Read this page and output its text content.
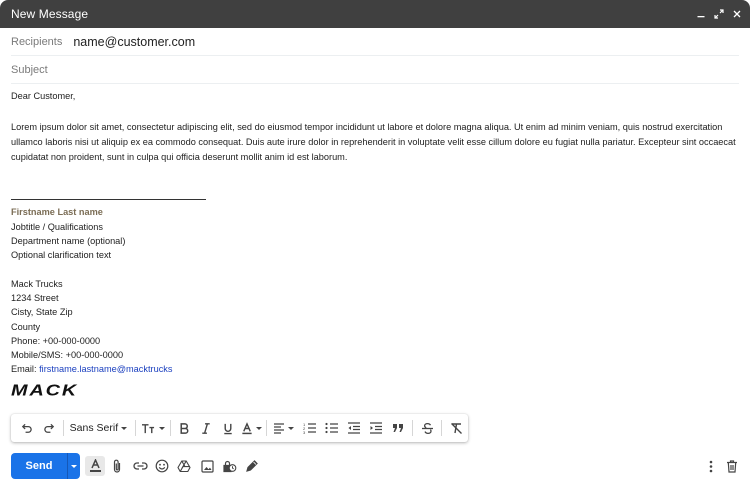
New Message
Recipients name@customer.com
Subject

Dear Customer,

Lorem ipsum dolor sit amet, consectetur adipiscing elit, sed do eiusmod tempor incididunt ut labore et dolore magna aliqua. Ut enim ad minim veniam, quis nostrud exercitation ullamco laboris nisi ut aliquip ex ea commodo consequat. Duis aute irure dolor in reprehenderit in voluptate velit esse cillum dolore eu fugiat nulla pariatur. Excepteur sint occaecat cupidatat non proident, sunt in culpa qui officia deserunt mollit anim id est laborum.

Firstname Last name
Jobtitle / Qualifications
Department name (optional)
Optional clarification text
Mack Trucks
1234 Street
Cisty, State Zip
County
Phone: +00-000-0000
Mobile/SMS: +00-000-0000
Email: firstname.lastname@macktrucks
MACK
Sans Serif	1
2
3
Send
